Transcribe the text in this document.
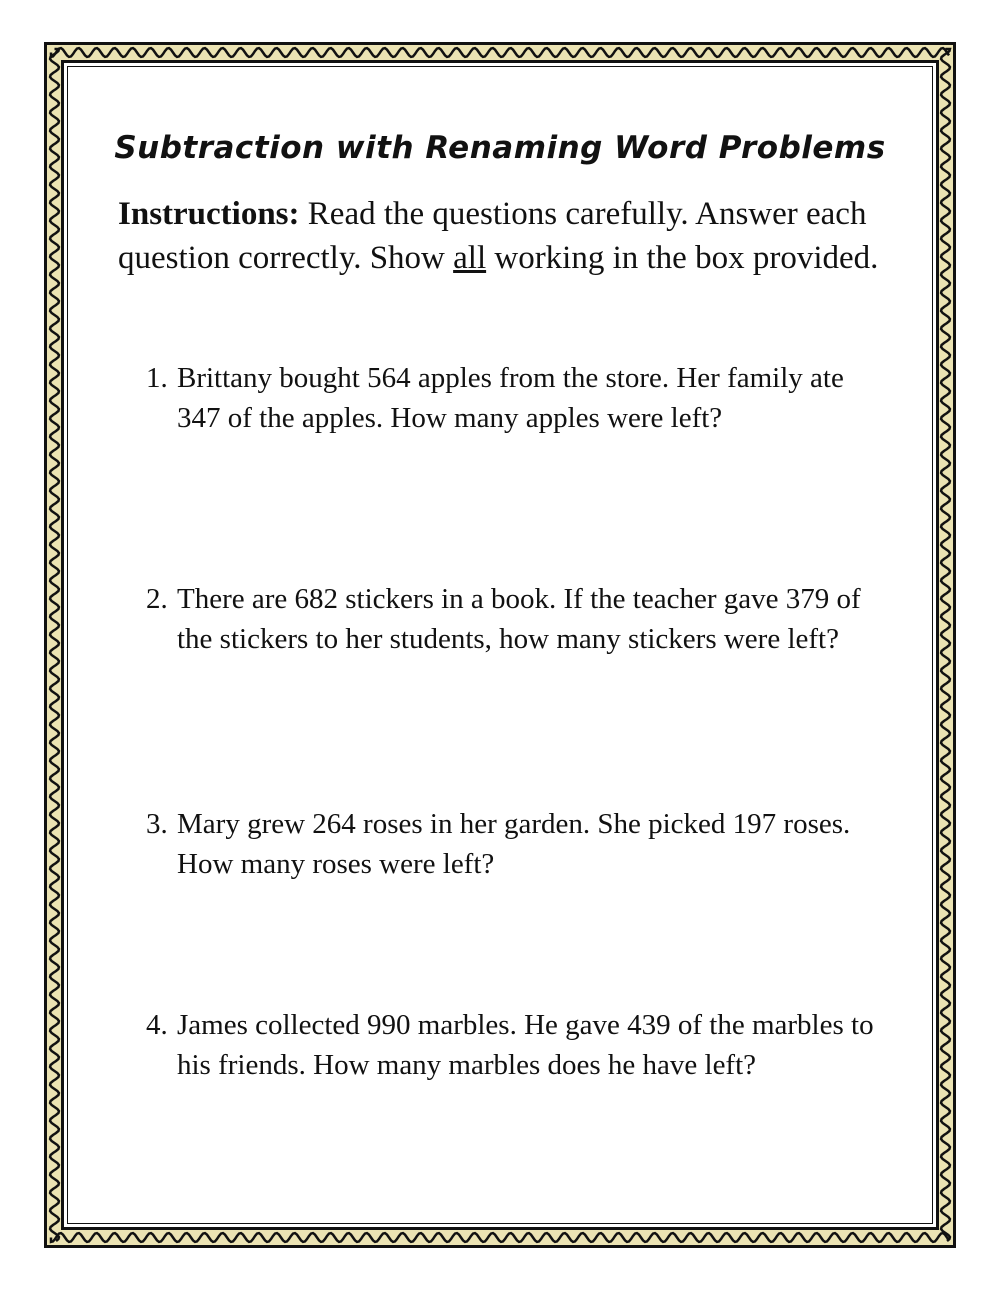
Subtraction with Renaming Word Problems

Instructions: Read the questions carefully. Answer each question correctly. Show all working in the box provided.

1. Brittany bought 564 apples from the store. Her family ate 347 of the apples. How many apples were left?
2. There are 682 stickers in a book. If the teacher gave 379 of the stickers to her students, how many stickers were left?
3. Mary grew 264 roses in her garden. She picked 197 roses. How many roses were left?
4. James collected 990 marbles. He gave 439 of the marbles to his friends. How many marbles does he have left?
